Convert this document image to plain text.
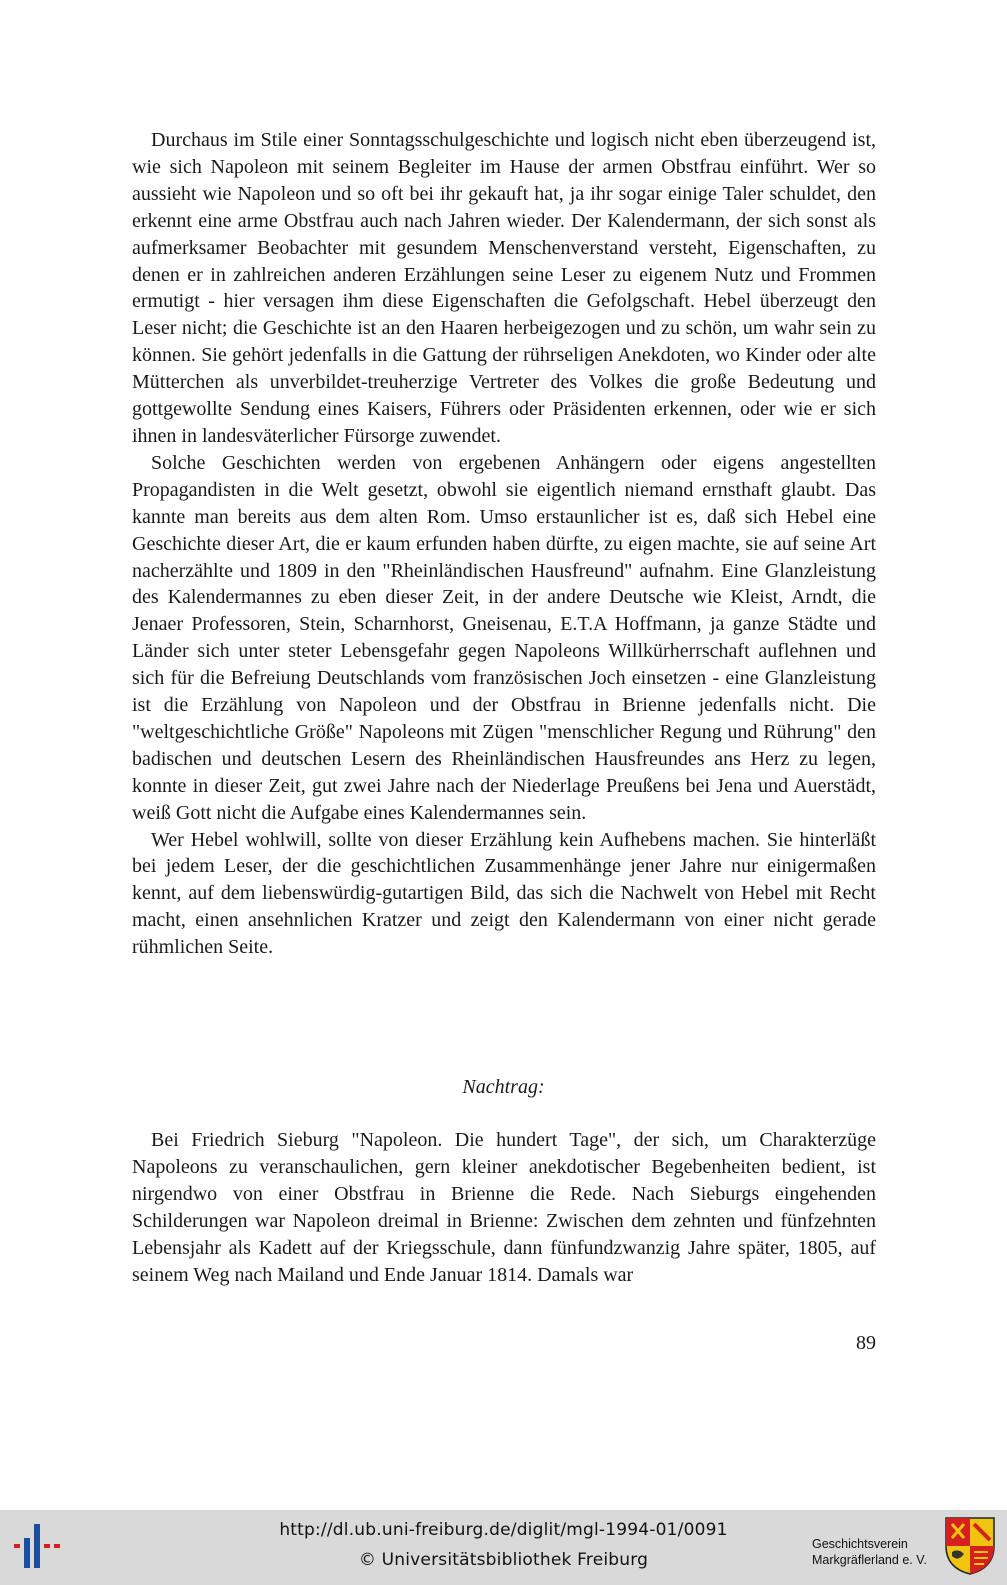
Durchaus im Stile einer Sonntagsschulgeschichte und logisch nicht eben überzeugend ist, wie sich Napoleon mit seinem Begleiter im Hause der armen Obstfrau einführt. Wer so aussieht wie Napoleon und so oft bei ihr gekauft hat, ja ihr sogar einige Taler schuldet, den erkennt eine arme Obstfrau auch nach Jahren wieder. Der Kalendermann, der sich sonst als aufmerksamer Beobachter mit gesundem Menschenverstand versteht, Eigenschaften, zu denen er in zahlreichen anderen Erzählungen seine Leser zu eigenem Nutz und Frommen ermutigt - hier versagen ihm diese Eigenschaften die Gefolgschaft. Hebel überzeugt den Leser nicht; die Geschichte ist an den Haaren herbeigezogen und zu schön, um wahr sein zu können. Sie gehört jedenfalls in die Gattung der rührseligen Anekdoten, wo Kinder oder alte Mütterchen als unverbildet-treuherzige Vertreter des Volkes die große Bedeutung und gottgewollte Sendung eines Kaisers, Führers oder Präsidenten erkennen, oder wie er sich ihnen in landesväterlicher Fürsorge zuwendet.

Solche Geschichten werden von ergebenen Anhängern oder eigens angestellten Propagandisten in die Welt gesetzt, obwohl sie eigentlich niemand ernsthaft glaubt. Das kannte man bereits aus dem alten Rom. Umso erstaunlicher ist es, daß sich Hebel eine Geschichte dieser Art, die er kaum erfunden haben dürfte, zu eigen machte, sie auf seine Art nacherzählte und 1809 in den "Rheinländischen Hausfreund" aufnahm. Eine Glanzleistung des Kalendermannes zu eben dieser Zeit, in der andere Deutsche wie Kleist, Arndt, die Jenaer Professoren, Stein, Scharnhorst, Gneisenau, E.T.A Hoffmann, ja ganze Städte und Länder sich unter steter Lebensgefahr gegen Napoleons Willkürherrschaft auflehnen und sich für die Befreiung Deutschlands vom französischen Joch einsetzen - eine Glanzleistung ist die Erzählung von Napoleon und der Obstfrau in Brienne jedenfalls nicht. Die "weltgeschichtliche Größe" Napoleons mit Zügen "menschlicher Regung und Rührung" den badischen und deutschen Lesern des Rheinländischen Hausfreundes ans Herz zu legen, konnte in dieser Zeit, gut zwei Jahre nach der Niederlage Preußens bei Jena und Auerstädt, weiß Gott nicht die Aufgabe eines Kalendermannes sein.

Wer Hebel wohlwill, sollte von dieser Erzählung kein Aufhebens machen. Sie hinterläßt bei jedem Leser, der die geschichtlichen Zusammenhänge jener Jahre nur einigermaßen kennt, auf dem liebenswürdig-gutartigen Bild, das sich die Nachwelt von Hebel mit Recht macht, einen ansehnlichen Kratzer und zeigt den Kalendermann von einer nicht gerade rühmlichen Seite.

Nachtrag:

Bei Friedrich Sieburg "Napoleon. Die hundert Tage", der sich, um Charakterzüge Napoleons zu veranschaulichen, gern kleiner anekdotischer Begebenheiten bedient, ist nirgendwo von einer Obstfrau in Brienne die Rede. Nach Sieburgs eingehenden Schilderungen war Napoleon dreimal in Brienne: Zwischen dem zehnten und fünfzehnten Lebensjahr als Kadett auf der Kriegsschule, dann fünfundzwanzig Jahre später, 1805, auf seinem Weg nach Mailand und Ende Januar 1814. Damals war

89
http://dl.ub.uni-freiburg.de/diglit/mgl-1994-01/0091
© Universitätsbibliothek Freiburg
Geschichtsverein
Markgräflerland e. V.
